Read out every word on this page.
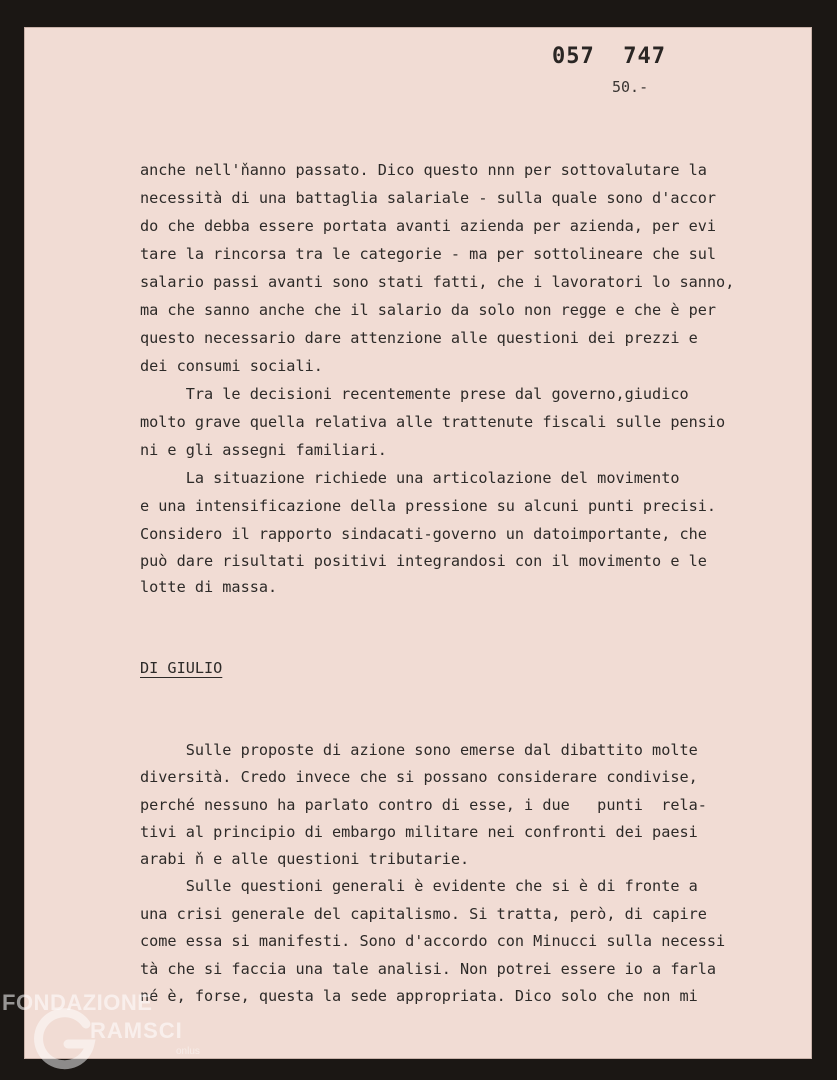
057  747
50.-
anche nell'ňanno passato. Dico questo nnn per sottovalutare la
necessità di una battaglia salariale - sulla quale sono d'accor
do che debba essere portata avanti azienda per azienda, per evi
tare la rincorsa tra le categorie - ma per sottolineare che sul
salario passi avanti sono stati fatti, che i lavoratori lo sanno,
ma che sanno anche che il salario da solo non regge e che è per
questo necessario dare attenzione alle questioni dei prezzi e
dei consumi sociali.
Tra le decisioni recentemente prese dal governo,giudico
molto grave quella relativa alle trattenute fiscali sulle pensio
ni e gli assegni familiari.
La situazione richiede una articolazione del movimento
e una intensificazione della pressione su alcuni punti precisi.
Considero il rapporto sindacati-governo un datoimportante, che
può dare risultati positivi integrandosi con il movimento e le
lotte di massa.
DI GIULIO
Sulle proposte di azione sono emerse dal dibattito molte
diversità. Credo invece che si possano considerare condivise,
perché nessuno ha parlato contro di esse, i due   punti  rela-
tivi al principio di embargo militare nei confronti dei paesi
arabi ň e alle questioni tributarie.
Sulle questioni generali è evidente che si è di fronte a
una crisi generale del capitalismo. Si tratta, però, di capire
come essa si manifesti. Sono d'accordo con Minucci sulla necessi
tà che si faccia una tale analisi. Non potrei essere io a farla
né è, forse, questa la sede appropriata. Dico solo che non mi
FONDAZIONE
RAMSCI
onlus
